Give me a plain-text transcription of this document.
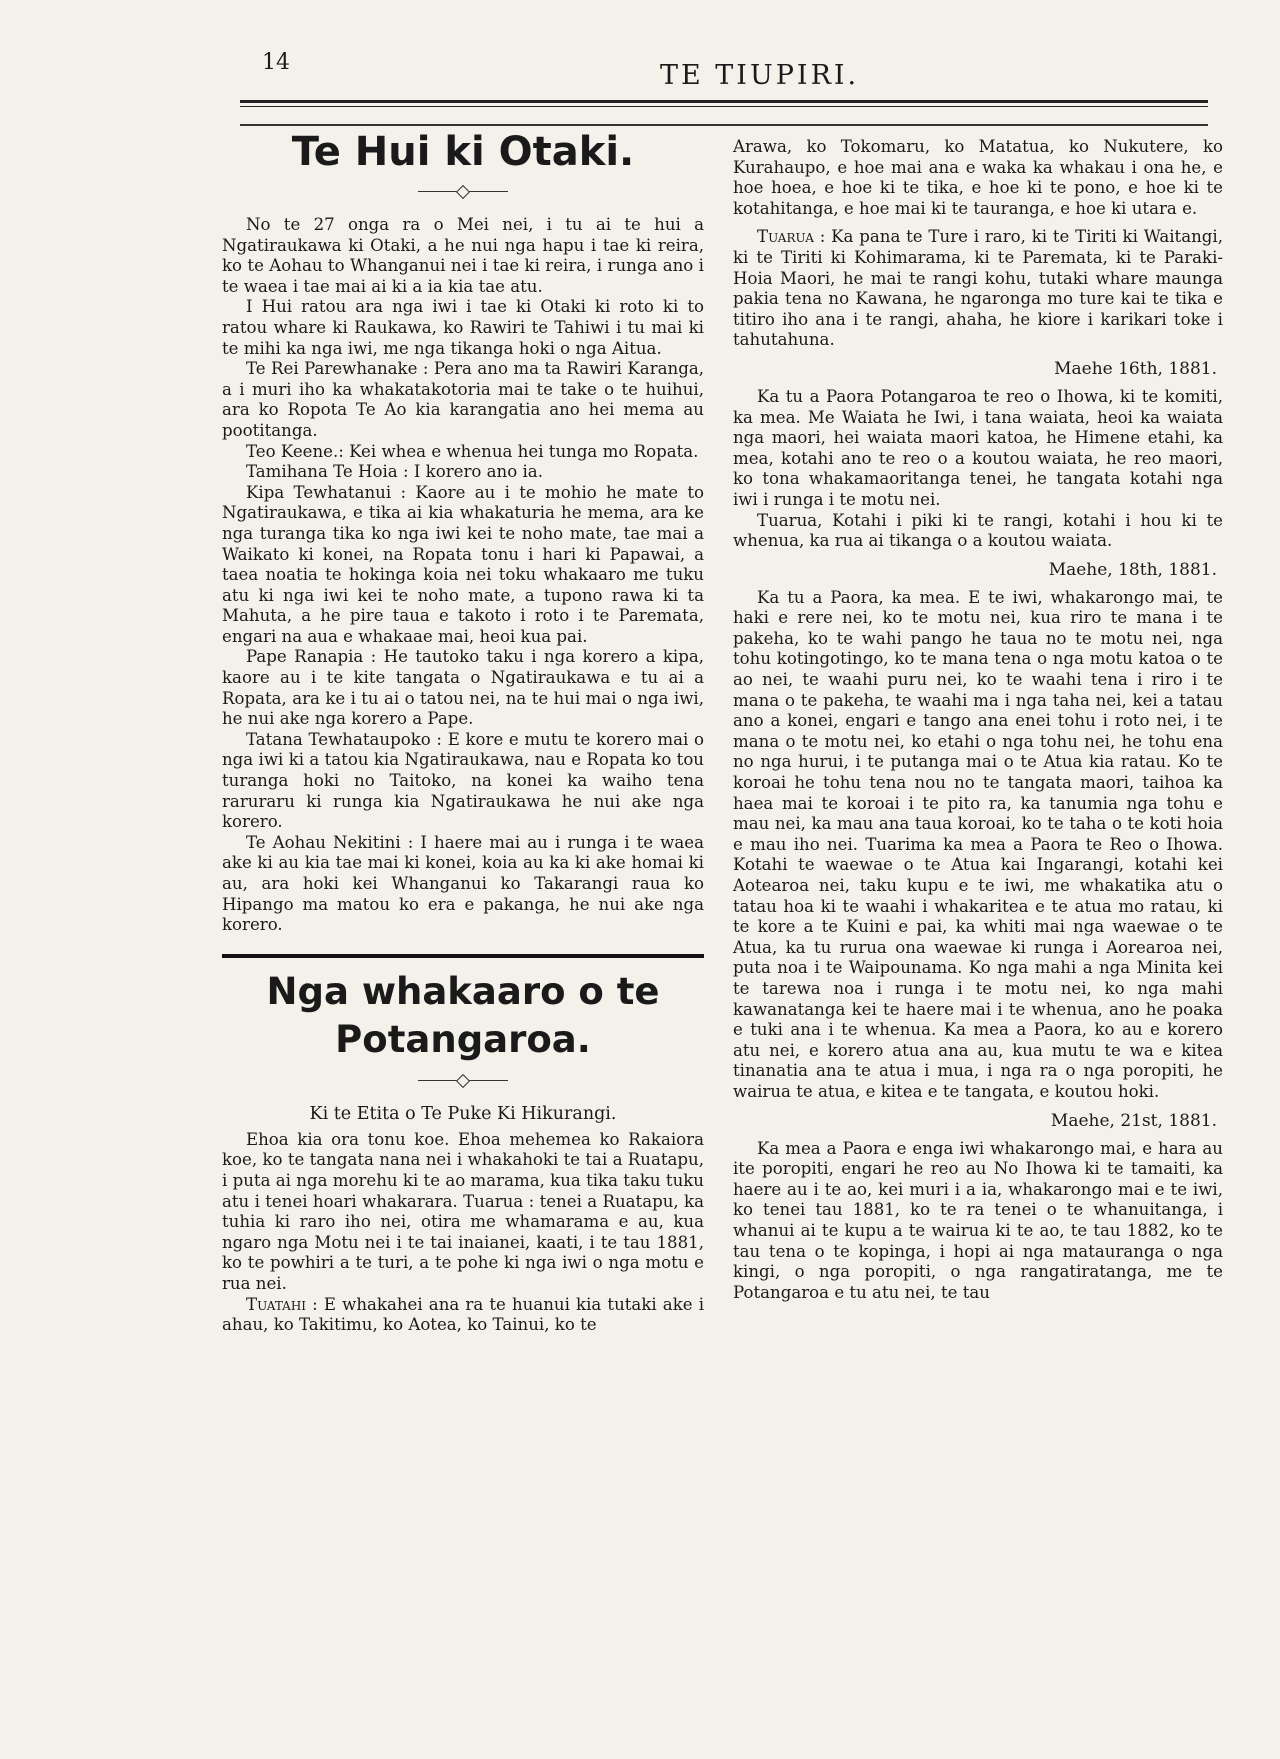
14	TE TIUPIRI.
Te Hui ki Otaki.

No te 27 onga ra o Mei nei, i tu ai te hui a Ngatiraukawa ki Otaki, a he nui nga hapu i tae ki reira, ko te Aohau to Whanganui nei i tae ki reira, i runga ano i te waea i tae mai ai ki a ia kia tae atu.

I Hui ratou ara nga iwi i tae ki Otaki ki roto ki to ratou whare ki Raukawa, ko Rawiri te Tahiwi i tu mai ki te mihi ka nga iwi, me nga tikanga hoki o nga Aitua.

Te Rei Parewhanake : Pera ano ma ta Rawiri Karanga, a i muri iho ka whakatakotoria mai te take o te huihui, ara ko Ropota Te Ao kia karangatia ano hei mema au pootitanga.

Teo Keene.: Kei whea e whenua hei tunga mo Ropata.

Tamihana Te Hoia : I korero ano ia.

Kipa Tewhatanui : Kaore au i te mohio he mate to Ngatiraukawa, e tika ai kia whakaturia he mema, ara ke nga turanga tika ko nga iwi kei te noho mate, tae mai a Waikato ki konei, na Ropata tonu i hari ki Papawai, a taea noatia te hokinga koia nei toku whakaaro me tuku atu ki nga iwi kei te noho mate, a tupono rawa ki ta Mahuta, a he pire taua e takoto i roto i te Paremata, engari na aua e whakaae mai, heoi kua pai.

Pape Ranapia : He tautoko taku i nga korero a kipa, kaore au i te kite tangata o Ngatiraukawa e tu ai a Ropata, ara ke i tu ai o tatou nei, na te hui mai o nga iwi, he nui ake nga korero a Pape.

Tatana Tewhataupoko : E kore e mutu te korero mai o nga iwi ki a tatou kia Ngatiraukawa, nau e Ropata ko tou turanga hoki no Taitoko, na konei ka waiho tena raruraru ki runga kia Ngatiraukawa he nui ake nga korero.

Te Aohau Nekitini : I haere mai au i runga i te waea ake ki au kia tae mai ki konei, koia au ka ki ake homai ki au, ara hoki kei Whanganui ko Takarangi raua ko Hipango ma matou ko era e pakanga, he nui ake nga korero.

Nga whakaaro o te Potangaroa.
Ki te Etita o Te Puke Ki Hikurangi.

Ehoa kia ora tonu koe. Ehoa mehemea ko Rakaiora koe, ko te tangata nana nei i whakahoki te tai a Ruatapu, i puta ai nga morehu ki te ao marama, kua tika taku tuku atu i tenei hoari whakarara. Tuarua : tenei a Ruatapu, ka tuhia ki raro iho nei, otira me whamarama e au, kua ngaro nga Motu nei i te tai inaianei, kaati, i te tau 1881, ko te powhiri a te turi, a te pohe ki nga iwi o nga motu e rua nei.

Tuatahi : E whakahei ana ra te huanui kia tutaki ake i ahau, ko Takitimu, ko Aotea, ko Tainui, ko te

Arawa, ko Tokomaru, ko Matatua, ko Nukutere, ko Kurahaupo, e hoe mai ana e waka ka whakau i ona he, e hoe hoea, e hoe ki te tika, e hoe ki te pono, e hoe ki te kotahitanga, e hoe mai ki te tauranga, e hoe ki utara e.

Tuarua : Ka pana te Ture i raro, ki te Tiriti ki Waitangi, ki te Tiriti ki Kohimarama, ki te Paremata, ki te Paraki-Hoia Maori, he mai te rangi kohu, tutaki whare maunga pakia tena no Kawana, he ngaronga mo ture kai te tika e titiro iho ana i te rangi, ahaha, he kiore i karikari toke i tahutahuna.

Maehe 16th, 1881.

Ka tu a Paora Potangaroa te reo o Ihowa, ki te komiti, ka mea. Me Waiata he Iwi, i tana waiata, heoi ka waiata nga maori, hei waiata maori katoa, he Himene etahi, ka mea, kotahi ano te reo o a koutou waiata, he reo maori, ko tona whakamaoritanga tenei, he tangata kotahi nga iwi i runga i te motu nei.

Tuarua, Kotahi i piki ki te rangi, kotahi i hou ki te whenua, ka rua ai tikanga o a koutou waiata.

Maehe, 18th, 1881.

Ka tu a Paora, ka mea. E te iwi, whakarongo mai, te haki e rere nei, ko te motu nei, kua riro te mana i te pakeha, ko te wahi pango he taua no te motu nei, nga tohu kotingotingo, ko te mana tena o nga motu katoa o te ao nei, te waahi puru nei, ko te waahi tena i riro i te mana o te pakeha, te waahi ma i nga taha nei, kei a tatau ano a konei, engari e tango ana enei tohu i roto nei, i te mana o te motu nei, ko etahi o nga tohu nei, he tohu ena no nga hurui, i te putanga mai o te Atua kia ratau. Ko te koroai he tohu tena nou no te tangata maori, taihoa ka haea mai te koroai i te pito ra, ka tanumia nga tohu e mau nei, ka mau ana taua koroai, ko te taha o te koti hoia e mau iho nei. Tuarima ka mea a Paora te Reo o Ihowa. Kotahi te waewae o te Atua kai Ingarangi, kotahi kei Aotearoa nei, taku kupu e te iwi, me whakatika atu o tatau hoa ki te waahi i whakaritea e te atua mo ratau, ki te kore a te Kuini e pai, ka whiti mai nga waewae o te Atua, ka tu rurua ona waewae ki runga i Aorearoa nei, puta noa i te Waipounama. Ko nga mahi a nga Minita kei te tarewa noa i runga i te motu nei, ko nga mahi kawanatanga kei te haere mai i te whenua, ano he poaka e tuki ana i te whenua. Ka mea a Paora, ko au e korero atu nei, e korero atua ana au, kua mutu te wa e kitea tinanatia ana te atua i mua, i nga ra o nga poropiti, he wairua te atua, e kitea e te tangata, e koutou hoki.

Maehe, 21st, 1881.

Ka mea a Paora e enga iwi whakarongo mai, e hara au ite poropiti, engari he reo au No Ihowa ki te tamaiti, ka haere au i te ao, kei muri i a ia, whakarongo mai e te iwi, ko tenei tau 1881, ko te ra tenei o te whanuitanga, i whanui ai te kupu a te wairua ki te ao, te tau 1882, ko te tau tena o te kopinga, i hopi ai nga matauranga o nga kingi, o nga poropiti, o nga rangatiratanga, me te Potangaroa e tu atu nei, te tau
